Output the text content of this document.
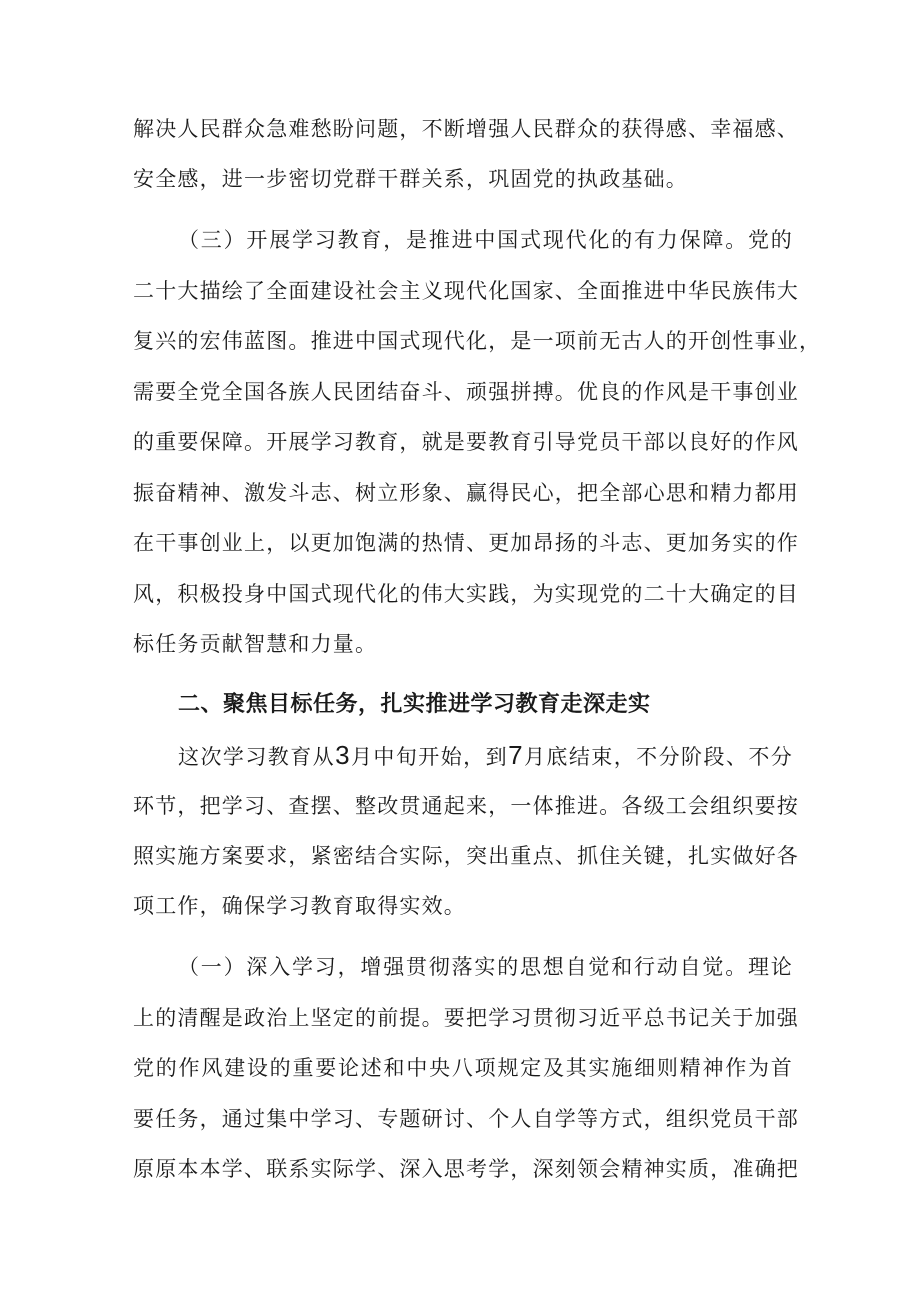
解决人民群众急难愁盼问题，不断增强人民群众的获得感、幸福感、
安全感，进一步密切党群干群关系，巩固党的执政基础。
（三）开展学习教育，是推进中国式现代化的有力保障。党的
二十大描绘了全面建设社会主义现代化国家、全面推进中华民族伟大
复兴的宏伟蓝图。推进中国式现代化，是一项前无古人的开创性事业，
需要全党全国各族人民团结奋斗、顽强拼搏。优良的作风是干事创业
的重要保障。开展学习教育，就是要教育引导党员干部以良好的作风
振奋精神、激发斗志、树立形象、赢得民心，把全部心思和精力都用
在干事创业上，以更加饱满的热情、更加昂扬的斗志、更加务实的作
风，积极投身中国式现代化的伟大实践，为实现党的二十大确定的目
标任务贡献智慧和力量。
二、聚焦目标任务，扎实推进学习教育走深走实
这次学习教育从3月中旬开始，到7月底结束，不分阶段、不分
环节，把学习、查摆、整改贯通起来，一体推进。各级工会组织要按
照实施方案要求，紧密结合实际，突出重点、抓住关键，扎实做好各
项工作，确保学习教育取得实效。
（一）深入学习，增强贯彻落实的思想自觉和行动自觉。理论
上的清醒是政治上坚定的前提。要把学习贯彻习近平总书记关于加强
党的作风建设的重要论述和中央八项规定及其实施细则精神作为首
要任务，通过集中学习、专题研讨、个人自学等方式，组织党员干部
原原本本学、联系实际学、深入思考学，深刻领会精神实质，准确把
